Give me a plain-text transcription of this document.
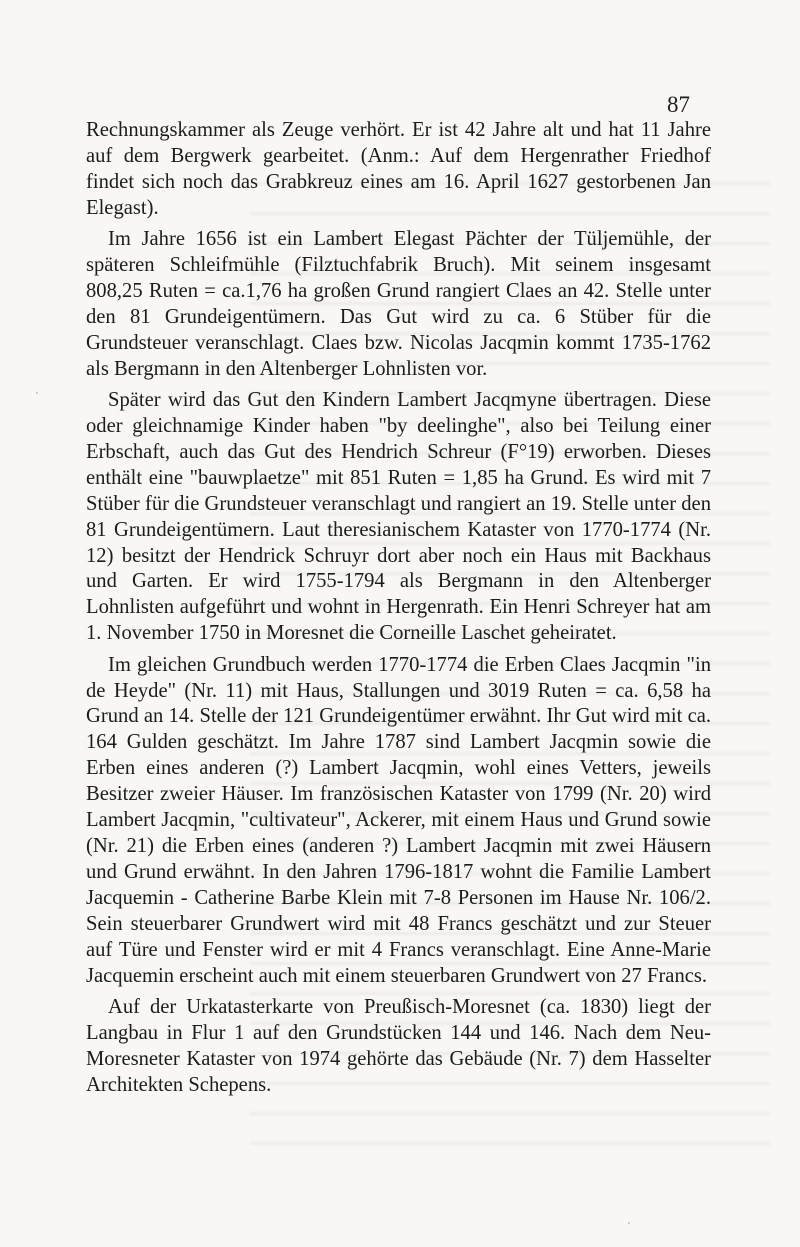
87

Rechnungskammer als Zeuge verhört. Er ist 42 Jahre alt und hat 11 Jahre auf dem Bergwerk gearbeitet. (Anm.: Auf dem Hergenrather Friedhof findet sich noch das Grabkreuz eines am 16. April 1627 gestorbenen Jan Elegast).

Im Jahre 1656 ist ein Lambert Elegast Pächter der Tüljemühle, der späteren Schleifmühle (Filztuchfabrik Bruch). Mit seinem insgesamt 808,25 Ruten = ca.1,76 ha großen Grund rangiert Claes an 42. Stelle unter den 81 Grundeigentümern. Das Gut wird zu ca. 6 Stüber für die Grundsteuer veranschlagt. Claes bzw. Nicolas Jacqmin kommt 1735-1762 als Bergmann in den Altenberger Lohnlisten vor.

Später wird das Gut den Kindern Lambert Jacqmyne übertragen. Diese oder gleichnamige Kinder haben "by deelinghe", also bei Teilung einer Erbschaft, auch das Gut des Hendrich Schreur (F°19) erworben. Dieses enthält eine "bauwplaetze" mit 851 Ruten = 1,85 ha Grund. Es wird mit 7 Stüber für die Grundsteuer veranschlagt und rangiert an 19. Stelle unter den 81 Grundeigentümern. Laut theresianischem Kataster von 1770-1774 (Nr. 12) besitzt der Hendrick Schruyr dort aber noch ein Haus mit Backhaus und Garten. Er wird 1755-1794 als Bergmann in den Altenberger Lohnlisten aufgeführt und wohnt in Hergenrath. Ein Henri Schreyer hat am 1. November 1750 in Moresnet die Corneille Laschet geheiratet.

Im gleichen Grundbuch werden 1770-1774 die Erben Claes Jacqmin "in de Heyde" (Nr. 11) mit Haus, Stallungen und 3019 Ruten = ca. 6,58 ha Grund an 14. Stelle der 121 Grundeigentümer erwähnt. Ihr Gut wird mit ca. 164 Gulden geschätzt. Im Jahre 1787 sind Lambert Jacqmin sowie die Erben eines anderen (?) Lambert Jacqmin, wohl eines Vetters, jeweils Besitzer zweier Häuser. Im französischen Kataster von 1799 (Nr. 20) wird Lambert Jacqmin, "cultivateur", Ackerer, mit einem Haus und Grund sowie (Nr. 21) die Erben eines (anderen ?) Lambert Jacqmin mit zwei Häusern und Grund erwähnt. In den Jahren 1796-1817 wohnt die Familie Lambert Jacquemin - Catherine Barbe Klein mit 7-8 Personen im Hause Nr. 106/2. Sein steuerbarer Grundwert wird mit 48 Francs geschätzt und zur Steuer auf Türe und Fenster wird er mit 4 Francs veranschlagt. Eine Anne-Marie Jacquemin erscheint auch mit einem steuerbaren Grundwert von 27 Francs.

Auf der Urkatasterkarte von Preußisch-Moresnet (ca. 1830) liegt der Langbau in Flur 1 auf den Grundstücken 144 und 146. Nach dem Neu-Moresneter Kataster von 1974 gehörte das Gebäude (Nr. 7) dem Hasselter Architekten Schepens.
